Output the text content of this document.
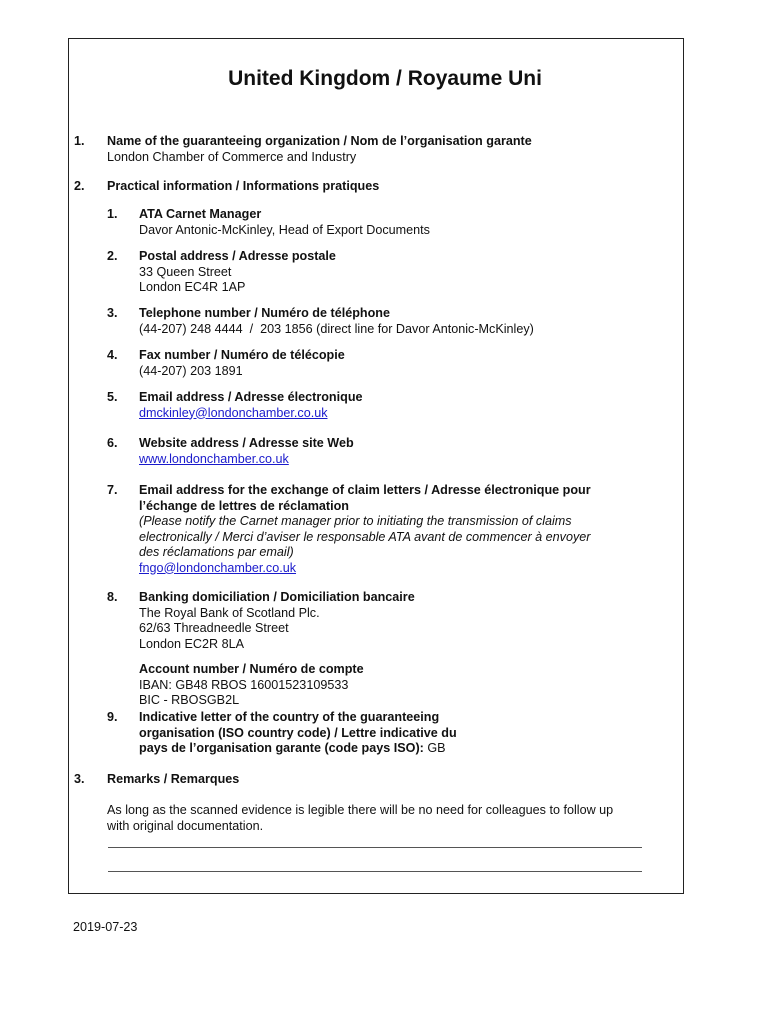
United Kingdom / Royaume Uni
1. Name of the guaranteeing organization / Nom de l’organisation garante
London Chamber of Commerce and Industry
2. Practical information / Informations pratiques
1. ATA Carnet Manager
Davor Antonic-McKinley, Head of Export Documents
2. Postal address / Adresse postale
33 Queen Street
London EC4R 1AP
3. Telephone number / Numéro de téléphone
(44-207) 248 4444  /  203 1856 (direct line for Davor Antonic-McKinley)
4. Fax number / Numéro de télécopie
(44-207) 203 1891
5. Email address / Adresse électronique
dmckinley@londonchamber.co.uk
6. Website address / Adresse site Web
www.londonchamber.co.uk
7. Email address for the exchange of claim letters / Adresse électronique pour
l’échange de lettres de réclamation
(Please notify the Carnet manager prior to initiating the transmission of claims
electronically / Merci d’aviser le responsable ATA avant de commencer à envoyer
des réclamations par email)
fngo@londonchamber.co.uk
8. Banking domiciliation / Domiciliation bancaire
The Royal Bank of Scotland Plc.
62/63 Threadneedle Street
London EC2R 8LA
Account number / Numéro de compte
IBAN: GB48 RBOS 16001523109533
BIC - RBOSGB2L
9. Indicative letter of the country of the guaranteeing
organisation (ISO country code) / Lettre indicative du
pays de l’organisation garante (code pays ISO): GB
3. Remarks / Remarques
As long as the scanned evidence is legible there will be no need for colleagues to follow up
with original documentation.
2019-07-23
